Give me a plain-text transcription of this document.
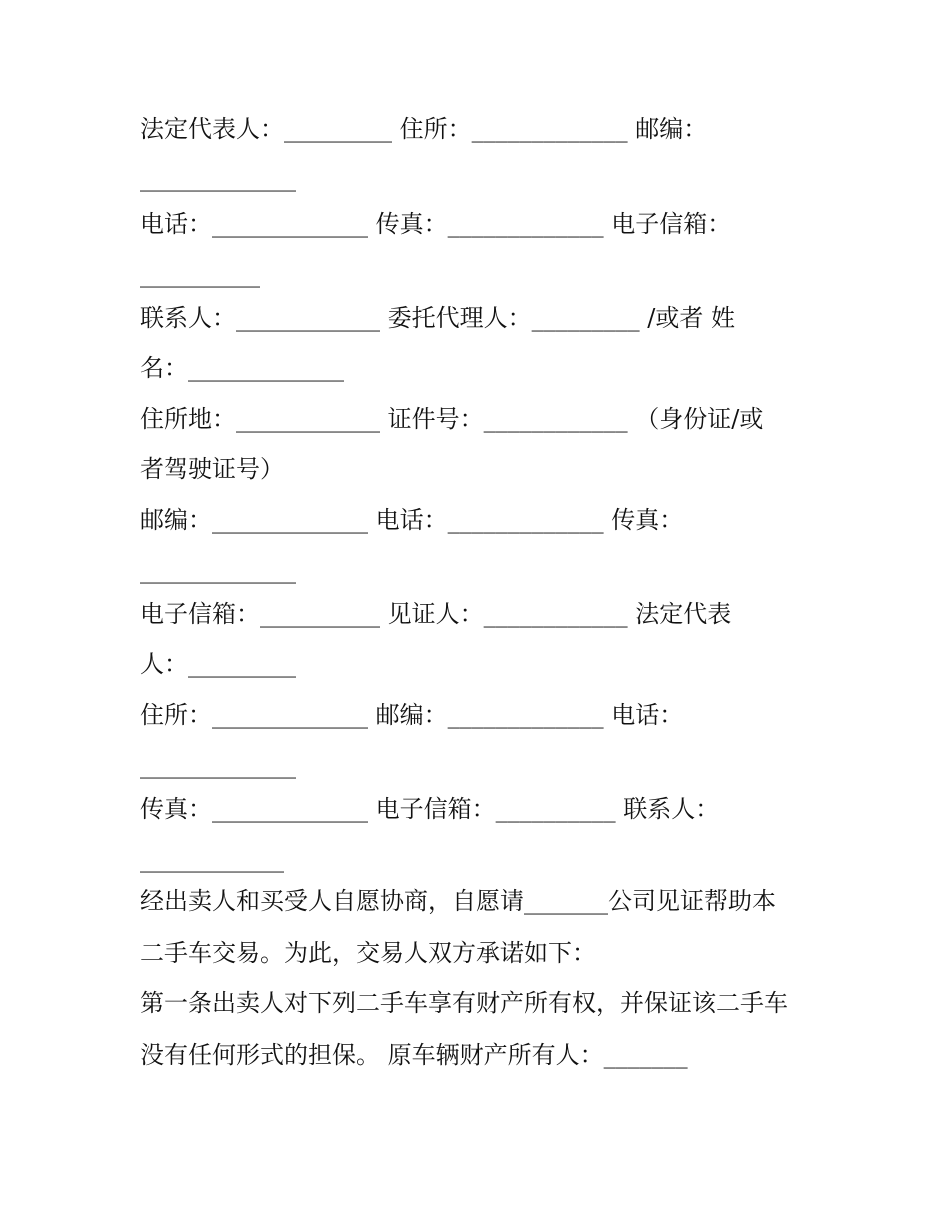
法定代表人：_________ 住所：_____________ 邮编：
_____________
电话：_____________ 传真：_____________ 电子信箱：
__________
联系人：____________ 委托代理人：_________ /或者 姓
名：_____________
住所地：____________ 证件号：____________ （身份证/或
者驾驶证号）
邮编：_____________ 电话：_____________ 传真：
_____________
电子信箱：__________ 见证人：____________ 法定代表
人：_________
住所：_____________ 邮编：_____________ 电话：
_____________
传真：_____________ 电子信箱：__________ 联系人：
____________
经出卖人和买受人自愿协商，自愿请_______公司见证帮助本
二手车交易。为此，交易人双方承诺如下：
第一条出卖人对下列二手车享有财产所有权，并保证该二手车
没有任何形式的担保。 原车辆财产所有人：_______
